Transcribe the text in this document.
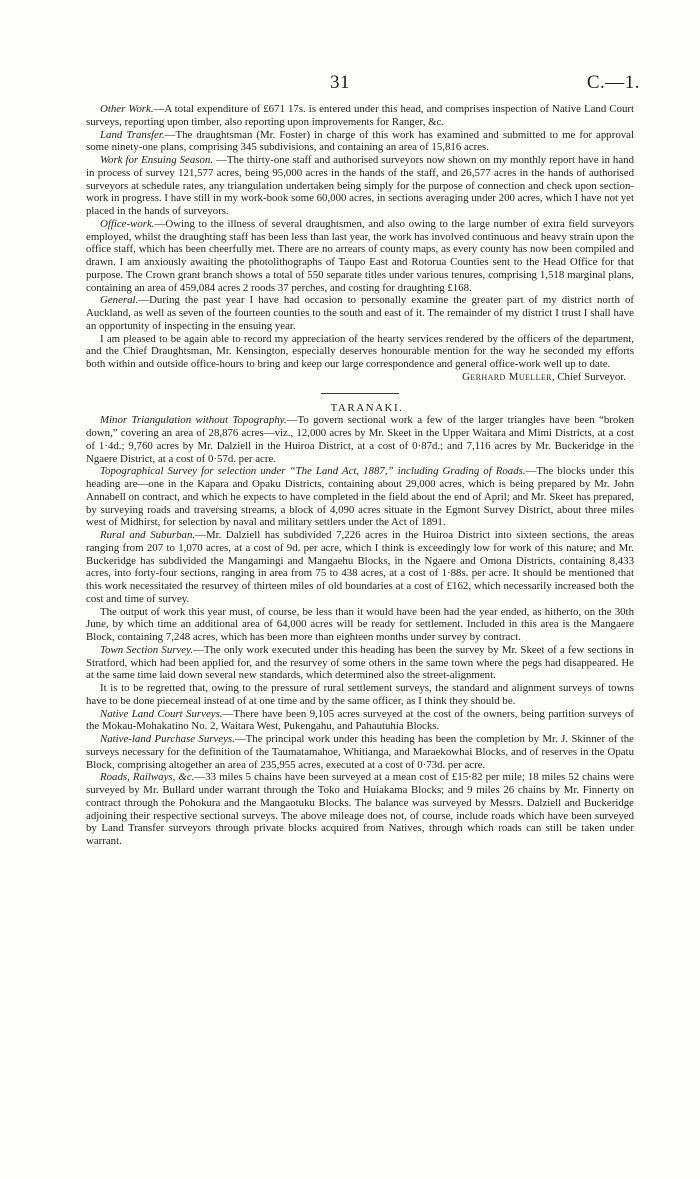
31	C.—1.

Other Work.—A total expenditure of £671 17s. is entered under this head, and comprises inspection of Native Land Court surveys, reporting upon timber, also reporting upon improvements for Ranger, &c.

Land Transfer.—The draughtsman (Mr. Foster) in charge of this work has examined and submitted to me for approval some ninety-one plans, comprising 345 subdivisions, and containing an area of 15,816 acres.

Work for Ensuing Season. —The thirty-one staff and authorised surveyors now shown on my monthly report have in hand in process of survey 121,577 acres, being 95,000 acres in the hands of the staff, and 26,577 acres in the hands of authorised surveyors at schedule rates, any triangulation undertaken being simply for the purpose of connection and check upon section-work in progress. I have still in my work-book some 60,000 acres, in sections averaging under 200 acres, which I have not yet placed in the hands of surveyors.

Office-work.—Owing to the illness of several draughtsmen, and also owing to the large number of extra field surveyors employed, whilst the draughting staff has been less than last year, the work has involved continuous and heavy strain upon the office staff, which has been cheerfully met. There are no arrears of county maps, as every county has now been compiled and drawn. I am anxiously awaiting the photolithographs of Taupo East and Rotorua Counties sent to the Head Office for that purpose. The Crown grant branch shows a total of 550 separate titles under various tenures, comprising 1,518 marginal plans, containing an area of 459,084 acres 2 roods 37 perches, and costing for draughting £168.

General.—During the past year I have had occasion to personally examine the greater part of my district north of Auckland, as well as seven of the fourteen counties to the south and east of it. The remainder of my district I trust I shall have an opportunity of inspecting in the ensuing year.

I am pleased to be again able to record my appreciation of the hearty services rendered by the officers of the department, and the Chief Draughtsman, Mr. Kensington, especially deserves honourable mention for the way he seconded my efforts both within and outside office-hours to bring and keep our large correspondence and general office-work well up to date.

Gerhard Mueller, Chief Surveyor.

TARANAKI.

Minor Triangulation without Topography.—To govern sectional work a few of the larger triangles have been “broken down,” covering an area of 28,876 acres—viz., 12,000 acres by Mr. Skeet in the Upper Waitara and Mimi Districts, at a cost of 1·4d.; 9,760 acres by Mr. Dalziell in the Huiroa District, at a cost of 0·87d.; and 7,116 acres by Mr. Buckeridge in the Ngaere District, at a cost of 0·57d. per acre.

Topographical Survey for selection under “The Land Act, 1887,” including Grading of Roads.—The blocks under this heading are—one in the Kapara and Opaku Districts, containing about 29,000 acres, which is being prepared by Mr. John Annabell on contract, and which he expects to have completed in the field about the end of April; and Mr. Skeet has prepared, by surveying roads and traversing streams, a block of 4,090 acres situate in the Egmont Survey District, about three miles west of Midhirst, for selection by naval and military settlers under the Act of 1891.

Rural and Suburban.—Mr. Dalziell has subdivided 7,226 acres in the Huiroa District into sixteen sections, the areas ranging from 207 to 1,070 acres, at a cost of 9d. per acre, which I think is exceedingly low for work of this nature; and Mr. Buckeridge has subdivided the Mangamingi and Mangaehu Blocks, in the Ngaere and Omona Districts, containing 8,433 acres, into forty-four sections, ranging in area from 75 to 438 acres, at a cost of 1·88s. per acre. It should be mentioned that this work necessitated the resurvey of thirteen miles of old boundaries at a cost of £162, which necessarily increased both the cost and time of survey.

The output of work this year must, of course, be less than it would have been had the year ended, as hitherto, on the 30th June, by which time an additional area of 64,000 acres will be ready for settlement. Included in this area is the Mangaere Block, containing 7,248 acres, which has been more than eighteen months under survey by contract.

Town Section Survey.—The only work executed under this heading has been the survey by Mr. Skeet of a few sections in Stratford, which had been applied for, and the resurvey of some others in the same town where the pegs had disappeared. He at the same time laid down several new standards, which determined also the street-alignment.

It is to be regretted that, owing to the pressure of rural settlement surveys, the standard and alignment surveys of towns have to be done piecemeal instead of at one time and by the same officer, as I think they should be.

Native Land Court Surveys.—There have been 9,105 acres surveyed at the cost of the owners, being partition surveys of the Mokau-Mohakatino No. 2, Waitara West, Pukengahu, and Pahautuhia Blocks.

Native-land Purchase Surveys.—The principal work under this heading has been the completion by Mr. J. Skinner of the surveys necessary for the definition of the Taumatamahoe, Whitianga, and Maraekowhai Blocks, and of reserves in the Opatu Block, comprising altogether an area of 235,955 acres, executed at a cost of 0·73d. per acre.

Roads, Railways, &c.—33 miles 5 chains have been surveyed at a mean cost of £15·82 per mile; 18 miles 52 chains were surveyed by Mr. Bullard under warrant through the Toko and Huiakama Blocks; and 9 miles 26 chains by Mr. Finnerty on contract through the Pohokura and the Mangaotuku Blocks. The balance was surveyed by Messrs. Dalziell and Buckeridge adjoining their respective sectional surveys. The above mileage does not, of course, include roads which have been surveyed by Land Transfer surveyors through private blocks acquired from Natives, through which roads can still be taken under warrant.
